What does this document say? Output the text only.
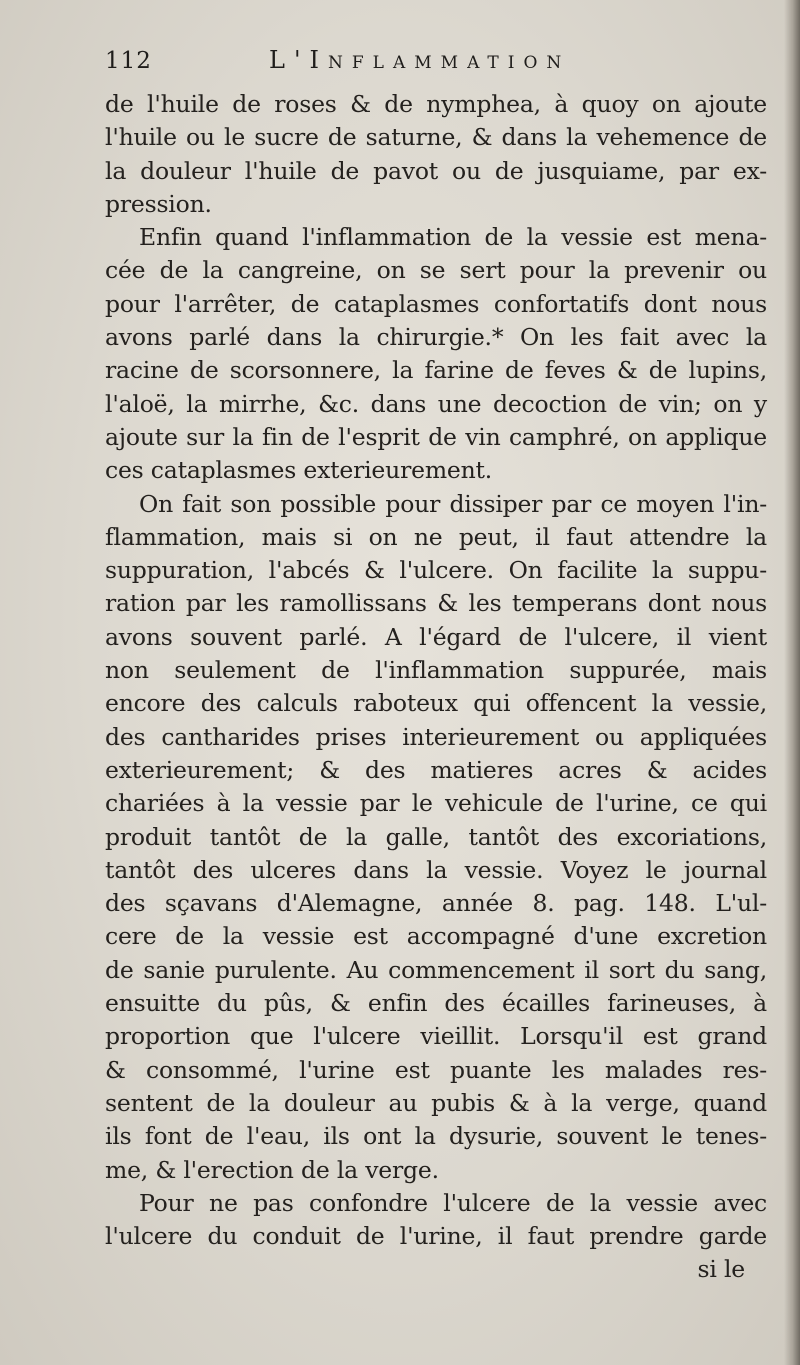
112	L'Inflammation
de l'huile de roses & de nymphea, à quoy on ajoute
l'huile ou le sucre de saturne, & dans la vehemence de
la douleur l'huile de pavot ou de jusquiame, par ex-
pression.
Enfin quand l'inflammation de la vessie est mena-
cée de la cangreine, on se sert pour la prevenir ou
pour l'arrêter, de cataplasmes confortatifs dont nous
avons parlé dans la chirurgie.* On les fait avec la
racine de scorsonnere, la farine de feves & de lupins,
l'aloë, la mirrhe, &c. dans une decoction de vin; on y
ajoute sur la fin de l'esprit de vin camphré, on applique
ces cataplasmes exterieurement.
On fait son possible pour dissiper par ce moyen l'in-
flammation, mais si on ne peut, il faut attendre la
suppuration, l'abcés & l'ulcere. On facilite la suppu-
ration par les ramollissans & les temperans dont nous
avons souvent parlé. A l'égard de l'ulcere, il vient
non seulement de l'inflammation suppurée, mais
encore des calculs raboteux qui offencent la vessie,
des cantharides prises interieurement ou appliquées
exterieurement; & des matieres acres & acides
chariées à la vessie par le vehicule de l'urine, ce qui
produit tantôt de la galle, tantôt des excoriations,
tantôt des ulceres dans la vessie. Voyez le journal
des sçavans d'Alemagne, année 8. pag. 148. L'ul-
cere de la vessie est accompagné d'une excretion
de sanie purulente. Au commencement il sort du sang,
ensuitte du pûs, & enfin des écailles farineuses, à
proportion que l'ulcere vieillit. Lorsqu'il est grand
& consommé, l'urine est puante les malades res-
sentent de la douleur au pubis & à la verge, quand
ils font de l'eau, ils ont la dysurie, souvent le tenes-
me, & l'erection de la verge.
Pour ne pas confondre l'ulcere de la vessie avec
l'ulcere du conduit de l'urine, il faut prendre garde
si le
